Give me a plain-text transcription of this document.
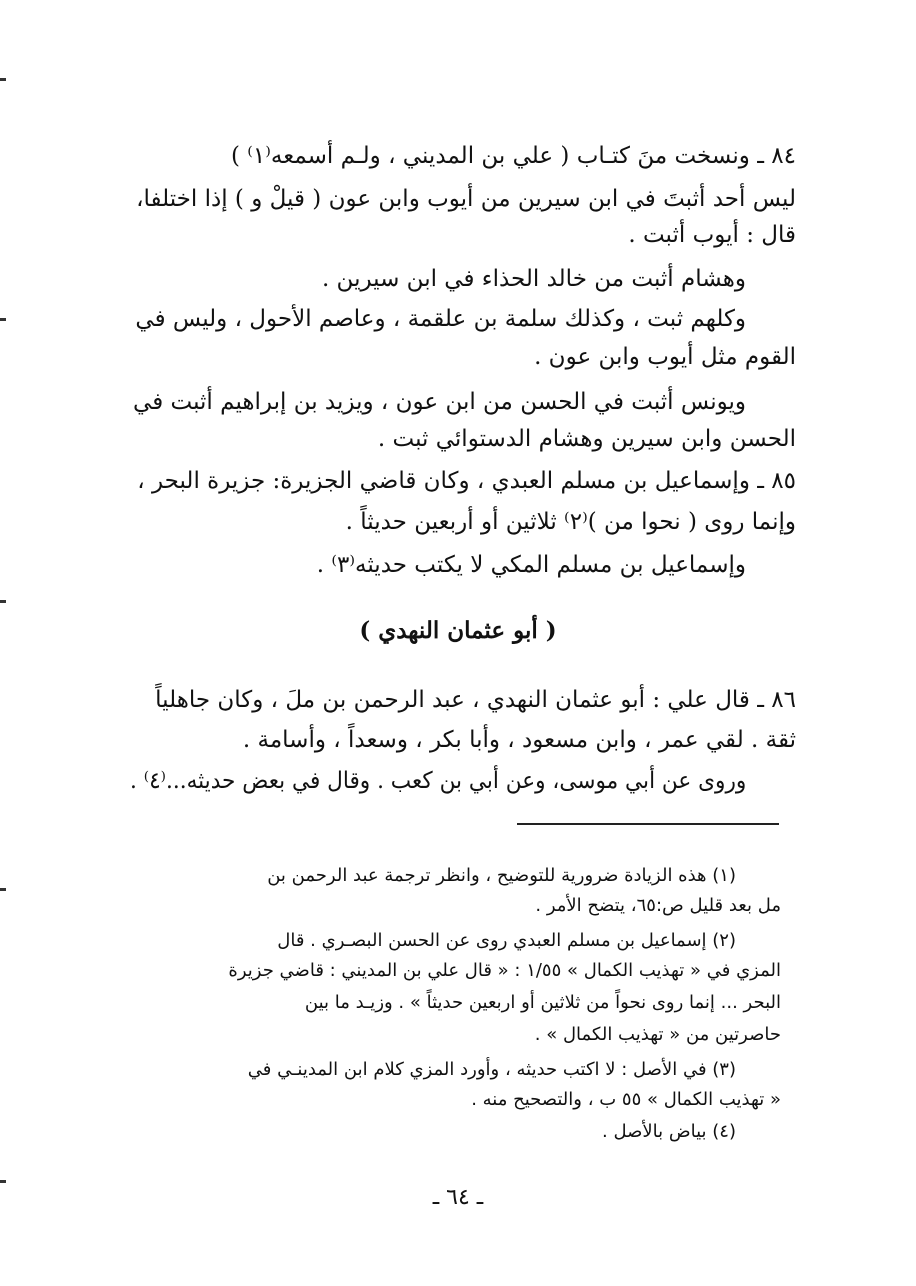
٨٤ ـ ونسخت منَ كتـاب ( علي بن المديني ، ولـم أسمعه⁽١⁾ )
ليس أحد أثبتَ في ابن سيرين من أيوب وابن عون ( قيلْ و ) إذا اختلفا،
قال : أيوب أثبت .
وهشام أثبت من خالد الحذاء في ابن سيرين .
وكلهم ثبت ، وكذلك سلمة بن علقمة ، وعاصم الأحول ، وليس في
القوم مثل أيوب وابن عون .
ويونس أثبت في الحسن من ابن عون ، ويزيد بن إبراهيم أثبت في
الحسن وابن سيرين وهشام الدستوائي ثبت .
٨٥ ـ وإسماعيل بن مسلم العبدي ، وكان قاضي الجزيرة: جزيرة البحر ،
وإنما روى ( نحوا من )⁽٢⁾ ثلاثين أو أربعين حديثاً .
وإسماعيل بن مسلم المكي لا يكتب حديثه⁽٣⁾ .
( أبو عثمان النهدي )
٨٦ ـ قال علي : أبو عثمان النهدي ، عبد الرحمن بن ملَ ، وكان جاهلياً
ثقة . لقي عمر ، وابن مسعود ، وأبا بكر ، وسعداً ، وأسامة .
وروى عن أبي موسى، وعن أبي بن كعب . وقال في بعض حديثه...⁽٤⁾ .
(١) هذه الزيادة ضرورية للتوضيح ، وانظر ترجمة عبد الرحمن بن
مل بعد قليل ص:٦٥، يتضح الأمر .
(٢) إسماعيل بن مسلم العبدي روى عن الحسن البصـري . قال
المزي في « تهذيب الكمال » ١/٥٥ : « قال علي بن المديني : قاضي جزيرة
البحر ... إنما روى نحواً من ثلاثين أو اربعين حديثاً » . وزيـد ما بين
حاصرتين من « تهذيب الكمال » .
(٣) في الأصل : لا اكتب حديثه ، وأورد المزي كلام ابن المدينـي في
« تهذيب الكمال » ٥٥ ب ، والتصحيح منه .
(٤) بياض بالأصل .
ـ ٦٤ ـ
